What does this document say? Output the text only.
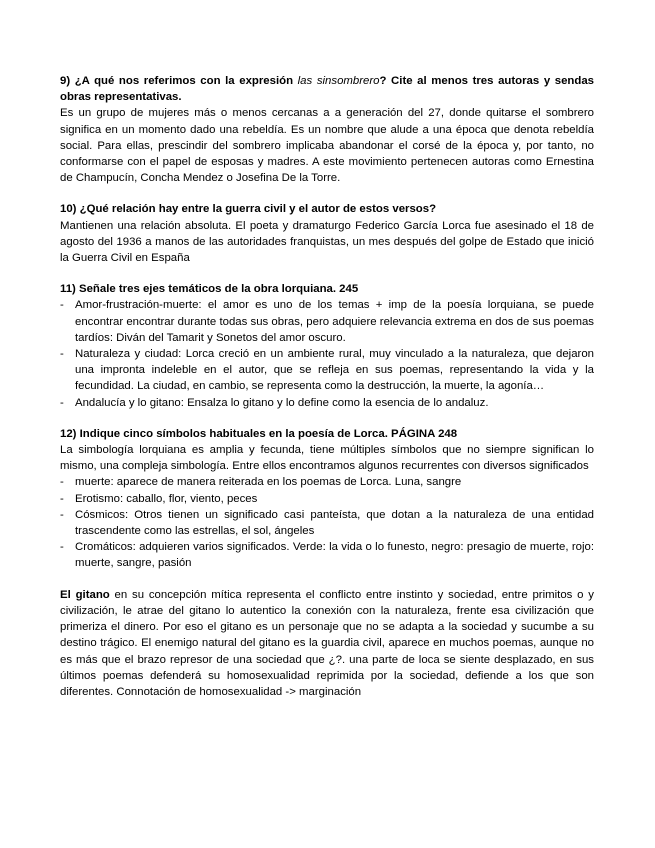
9) ¿A qué nos referimos con la expresión las sinsombrero? Cite al menos tres autoras y sendas obras representativas.
Es un grupo de mujeres más o menos cercanas a a generación del 27, donde quitarse el sombrero significa en un momento dado una rebeldía. Es un nombre que alude a una época que denota rebeldía social. Para ellas, prescindir del sombrero implicaba abandonar el corsé de la época y, por tanto, no conformarse con el papel de esposas y madres. A este movimiento pertenecen autoras como Ernestina de Champucín, Concha Mendez o Josefina De la Torre.
10) ¿Qué relación hay entre la guerra civil y el autor de estos versos?
Mantienen una relación absoluta. El poeta y dramaturgo Federico García Lorca fue asesinado el 18 de agosto del 1936 a manos de las autoridades franquistas, un mes después del golpe de Estado que inició la Guerra Civil en España
11) Señale tres ejes temáticos de la obra lorquiana. 245
- Amor-frustración-muerte: el amor es uno de los temas + imp de la poesía lorquiana, se puede encontrar encontrar durante todas sus obras, pero adquiere relevancia extrema en dos de sus poemas tardíos: Diván del Tamarit y Sonetos del amor oscuro.
- Naturaleza y ciudad: Lorca creció en un ambiente rural, muy vinculado a la naturaleza, que dejaron una impronta indeleble en el autor, que se refleja en sus poemas, representando la vida y la fecundidad. La ciudad, en cambio, se representa como la destrucción, la muerte, la agonía…
- Andalucía y lo gitano: Ensalza lo gitano y lo define como la esencia de lo andaluz.
12) Indique cinco símbolos habituales en la poesía de Lorca. PÁGINA 248
La simbología lorquiana es amplia y fecunda, tiene múltiples símbolos que no siempre significan lo mismo, una compleja simbología. Entre ellos encontramos algunos recurrentes con diversos significados
- muerte: aparece de manera reiterada en los poemas de Lorca. Luna, sangre
- Erotismo: caballo, flor, viento, peces
- Cósmicos: Otros tienen un significado casi panteísta, que dotan a la naturaleza de una entidad trascendente como las estrellas, el sol, ángeles
- Cromáticos: adquieren varios significados. Verde: la vida o lo funesto, negro: presagio de muerte, rojo: muerte, sangre, pasión
El gitano en su concepción mítica representa el conflicto entre instinto y sociedad, entre primitos o y civilización, le atrae del gitano lo autentico la conexión con la naturaleza, frente esa civilización que primeriza el dinero. Por eso el gitano es un personaje que no se adapta a la sociedad y sucumbe a su destino trágico. El enemigo natural del gitano es la guardia civil, aparece en muchos poemas, aunque no es más que el brazo represor de una sociedad que ¿?. una parte de loca se siente desplazado, en sus últimos poemas defenderá su homosexualidad reprimida por la sociedad, defiende a los que son diferentes. Connotación de homosexualidad -> marginación
